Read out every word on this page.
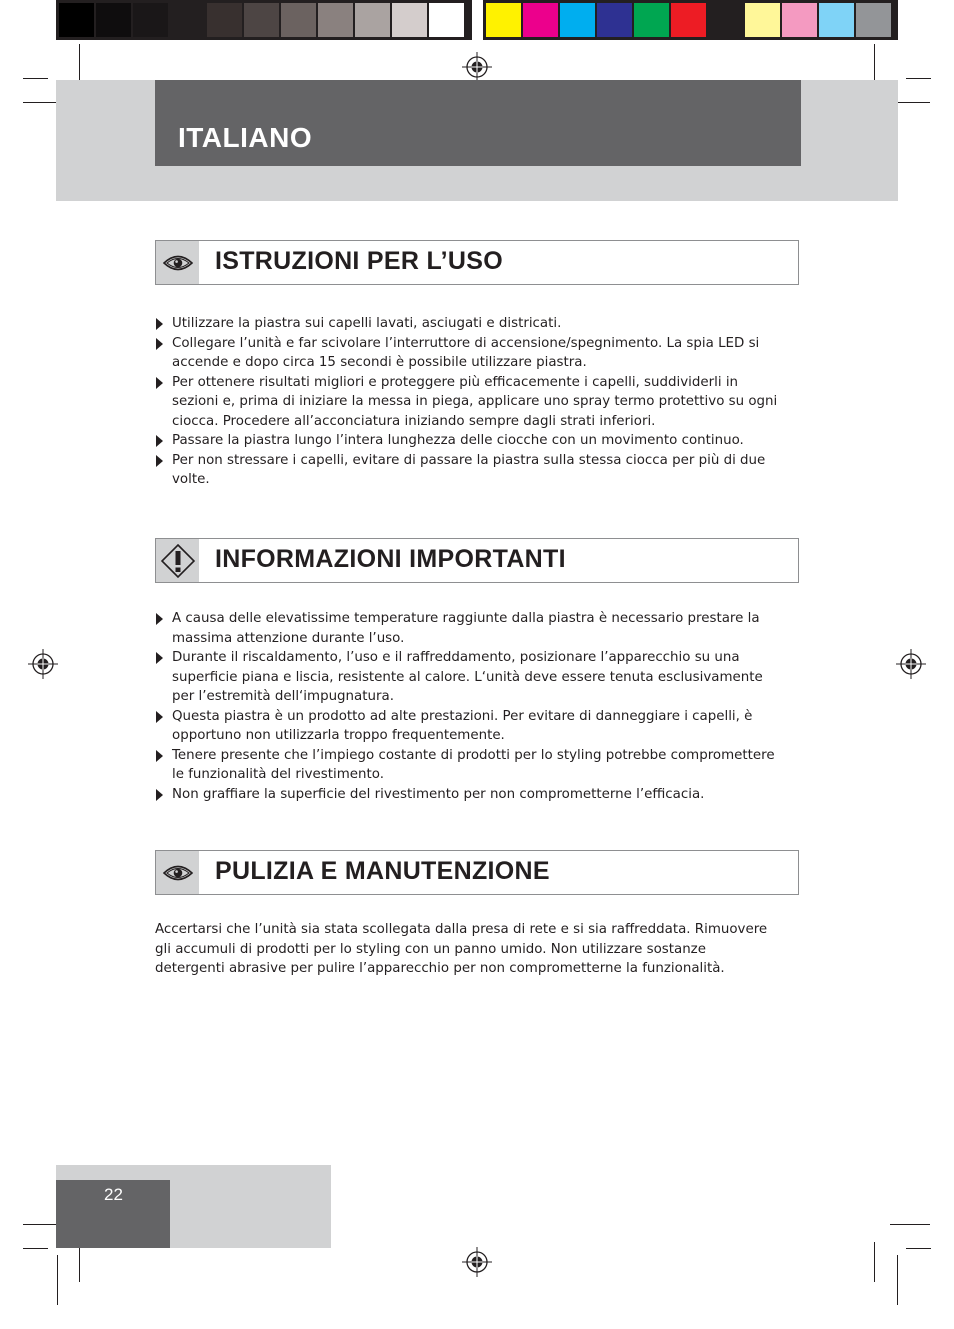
ITALIANO
ISTRUZIONI PER L’USO
Utilizzare la piastra sui capelli lavati, asciugati e districati.
Collegare l’unità e far scivolare l’interruttore di accensione/spegnimento. La spia LED si accende e dopo circa 15 secondi è possibile utilizzare piastra.
Per ottenere risultati migliori e proteggere più efficacemente i capelli, suddividerli in sezioni e, prima di iniziare la messa in piega, applicare uno spray termo protettivo su ogni ciocca. Procedere all’acconciatura iniziando sempre dagli strati inferiori.
Passare la piastra lungo l’intera lunghezza delle ciocche con un movimento continuo.
Per non stressare i capelli, evitare di passare la piastra sulla stessa ciocca per più di due volte.
INFORMAZIONI IMPORTANTI
A causa delle elevatissime temperature raggiunte dalla piastra è necessario prestare la massima attenzione durante l’uso.
Durante il riscaldamento, l’uso e il raffreddamento, posizionare l’apparecchio su una superficie piana e liscia, resistente al calore. L‘unità deve essere tenuta esclusivamente per l’estremità dell‘impugnatura.
Questa piastra è un prodotto ad alte prestazioni. Per evitare di danneggiare i capelli, è opportuno non utilizzarla troppo frequentemente.
Tenere presente che l’impiego costante di prodotti per lo styling potrebbe compromettere le funzionalità del rivestimento.
Non graffiare la superficie del rivestimento per non comprometterne l’efficacia.
PULIZIA E MANUTENZIONE

Accertarsi che l’unità sia stata scollegata dalla presa di rete e si sia raffreddata. Rimuovere gli accumuli di prodotti per lo styling con un panno umido. Non utilizzare sostanze detergenti abrasive per pulire l’apparecchio per non comprometterne la funzionalità.

22
